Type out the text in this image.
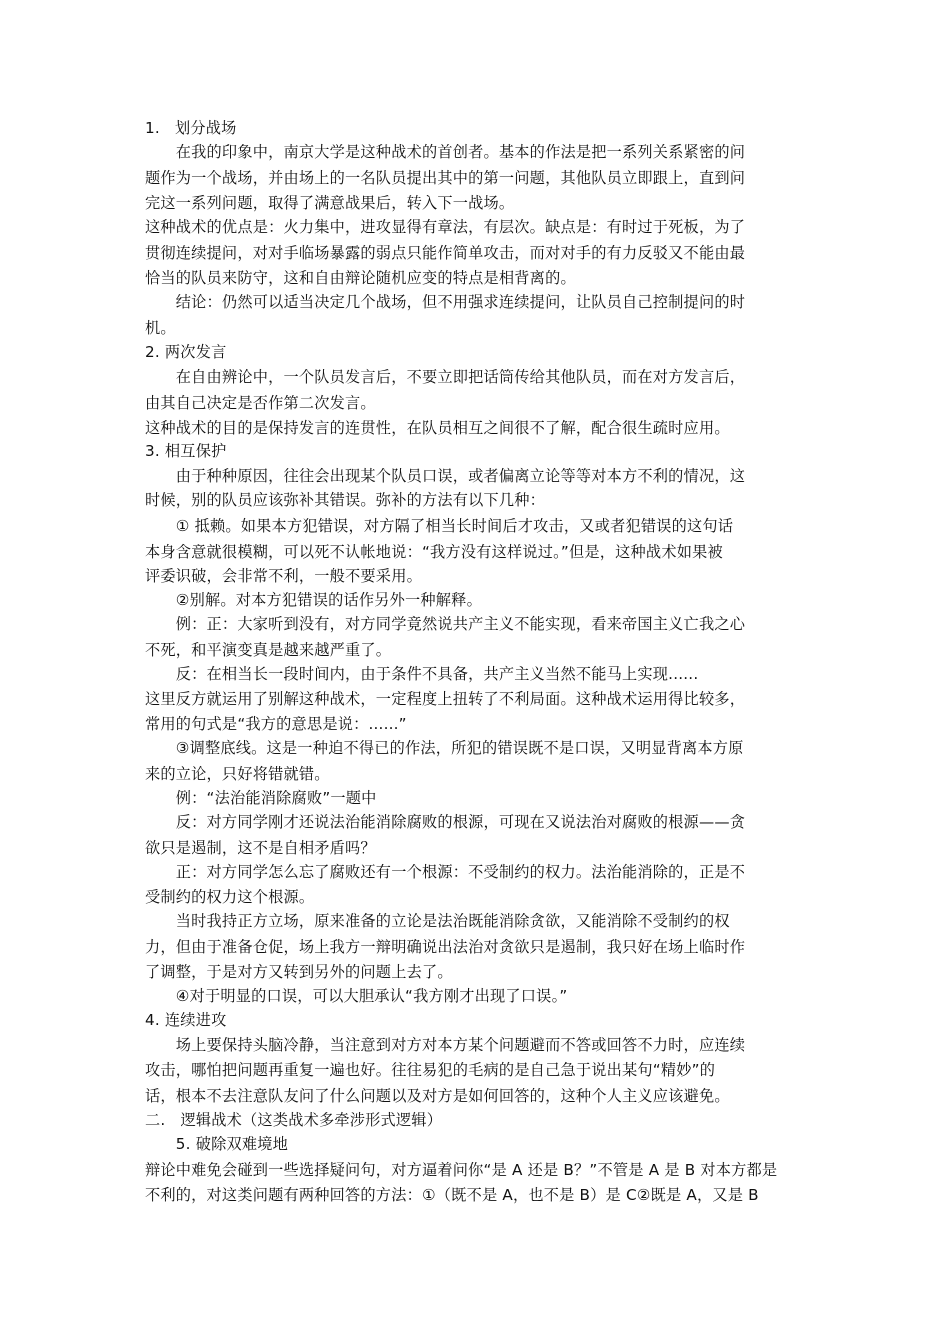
1.   划分战场
　　在我的印象中，南京大学是这种战术的首创者。基本的作法是把一系列关系紧密的问
题作为一个战场，并由场上的一名队员提出其中的第一问题，其他队员立即跟上，直到问
完这一系列问题，取得了满意战果后，转入下一战场。
这种战术的优点是：火力集中，进攻显得有章法，有层次。缺点是：有时过于死板，为了
贯彻连续提问，对对手临场暴露的弱点只能作简单攻击，而对对手的有力反驳又不能由最
恰当的队员来防守，这和自由辩论随机应变的特点是相背离的。
　　结论：仍然可以适当决定几个战场，但不用强求连续提问，让队员自己控制提问的时
机。
2. 两次发言
　　在自由辨论中，一个队员发言后，不要立即把话筒传给其他队员，而在对方发言后，
由其自己决定是否作第二次发言。
这种战术的目的是保持发言的连贯性，在队员相互之间很不了解，配合很生疏时应用。
3. 相互保护
　　由于种种原因，往往会出现某个队员口误，或者偏离立论等等对本方不利的情况，这
时候，别的队员应该弥补其错误。弥补的方法有以下几种：
　　① 抵赖。如果本方犯错误，对方隔了相当长时间后才攻击，又或者犯错误的这句话
本身含意就很模糊，可以死不认帐地说：“我方没有这样说过。”但是，这种战术如果被
评委识破，会非常不利，一般不要采用。
　　②别解。对本方犯错误的话作另外一种解释。
　　例：正：大家听到没有，对方同学竟然说共产主义不能实现，看来帝国主义亡我之心
不死，和平演变真是越来越严重了。
　　反：在相当长一段时间内，由于条件不具备，共产主义当然不能马上实现......
这里反方就运用了别解这种战术，一定程度上扭转了不利局面。这种战术运用得比较多，
常用的句式是“我方的意思是说：......”
　　③调整底线。这是一种迫不得已的作法，所犯的错误既不是口误，又明显背离本方原
来的立论，只好将错就错。
　　例：“法治能消除腐败”一题中
　　反：对方同学刚才还说法治能消除腐败的根源，可现在又说法治对腐败的根源——贪
欲只是遏制，这不是自相矛盾吗？
　　正：对方同学怎么忘了腐败还有一个根源：不受制约的权力。法治能消除的，正是不
受制约的权力这个根源。
　　当时我持正方立场，原来准备的立论是法治既能消除贪欲，又能消除不受制约的权
力，但由于准备仓促，场上我方一辩明确说出法治对贪欲只是遏制，我只好在场上临时作
了调整，于是对方又转到另外的问题上去了。
　　④对于明显的口误，可以大胆承认“我方刚才出现了口误。”
4. 连续进攻
　　场上要保持头脑冷静，当注意到对方对本方某个问题避而不答或回答不力时，应连续
攻击，哪怕把问题再重复一遍也好。往往易犯的毛病的是自己急于说出某句“精妙”的
话，根本不去注意队友问了什么问题以及对方是如何回答的，这种个人主义应该避免。
二.   逻辑战术（这类战术多牵涉形式逻辑）
　　5. 破除双难境地
辩论中难免会碰到一些选择疑问句，对方逼着问你“是 A 还是 B？”不管是 A 是 B 对本方都是
不利的，对这类问题有两种回答的方法：①（既不是 A，也不是 B）是 C②既是 A，又是 B
